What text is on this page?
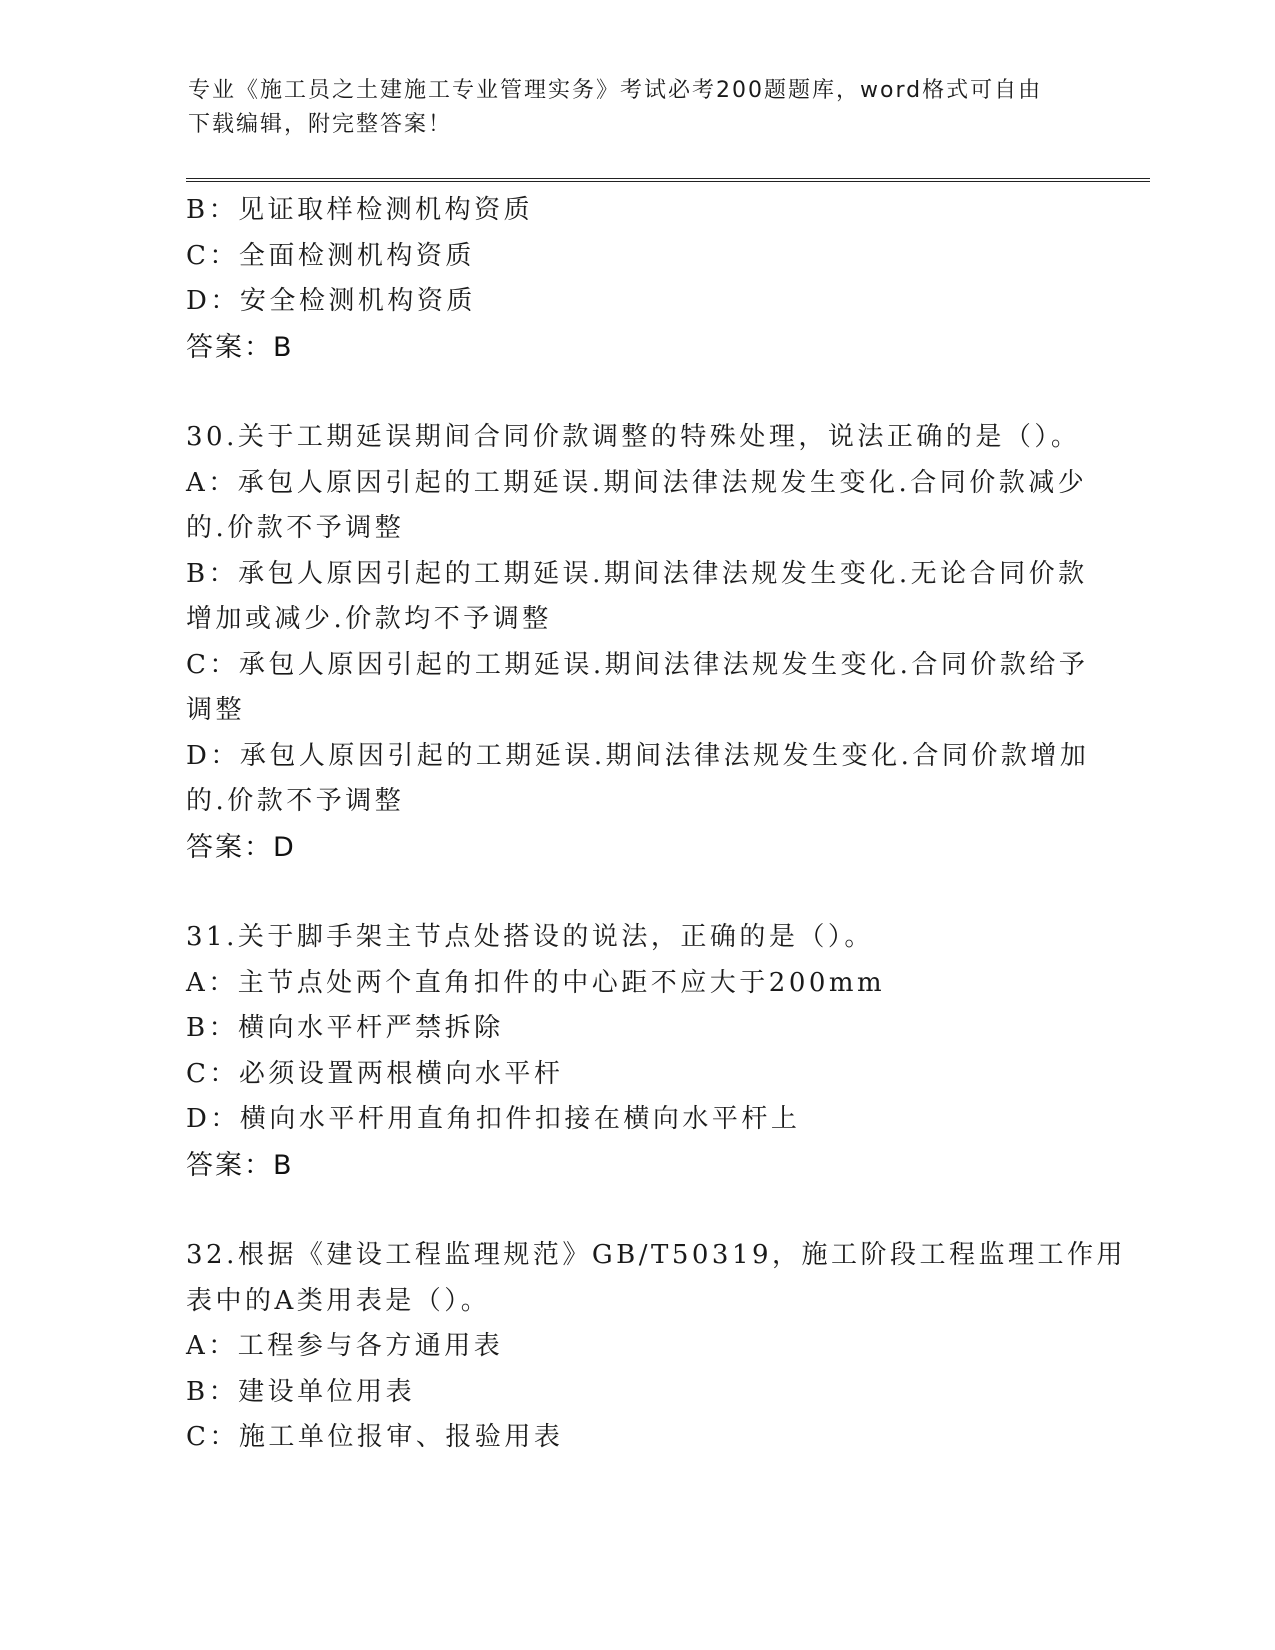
专业《施工员之土建施工专业管理实务》考试必考200题题库，word格式可自由
下载编辑，附完整答案！
B：见证取样检测机构资质
C：全面检测机构资质
D：安全检测机构资质
答案：B
30.关于工期延误期间合同价款调整的特殊处理，说法正确的是（）。
A：承包人原因引起的工期延误.期间法律法规发生变化.合同价款减少
的.价款不予调整
B：承包人原因引起的工期延误.期间法律法规发生变化.无论合同价款
增加或减少.价款均不予调整
C：承包人原因引起的工期延误.期间法律法规发生变化.合同价款给予
调整
D：承包人原因引起的工期延误.期间法律法规发生变化.合同价款增加
的.价款不予调整
答案：D
31.关于脚手架主节点处搭设的说法，正确的是（）。
A：主节点处两个直角扣件的中心距不应大于200mm
B：横向水平杆严禁拆除
C：必须设置两根横向水平杆
D：横向水平杆用直角扣件扣接在横向水平杆上
答案：B
32.根据《建设工程监理规范》GB/T50319，施工阶段工程监理工作用
表中的A类用表是（）。
A：工程参与各方通用表
B：建设单位用表
C：施工单位报审、报验用表
